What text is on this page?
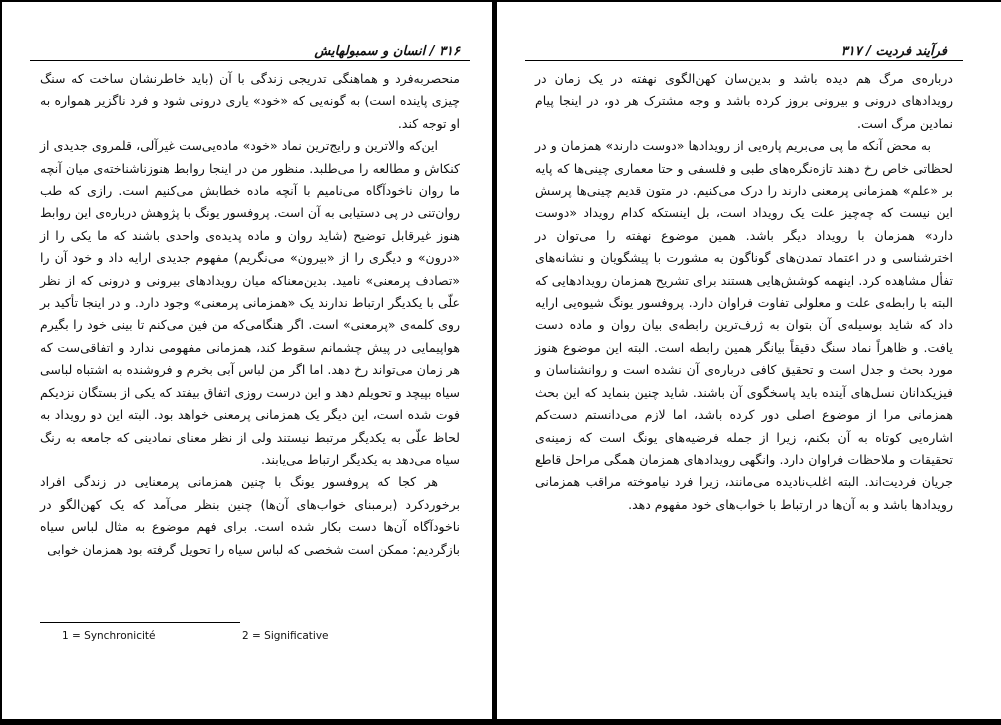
۳۱۶ / انسان و سمبولهایش

منحصربه‌فرد و هماهنگی تدریجی زندگی با آن (باید خاطرنشان ساخت که سنگ چیزی پاینده است) به گونه‌یی که «خود» یاری درونی شود و فرد ناگزیر همواره به او توجه کند.

این‌که والاترین و رایج‌ترین نماد «خود» ماده‌یی‌ست غیرآلی، قلمروی جدیدی از کنکاش و مطالعه را می‌طلبد. منظور من در اینجا روابط هنوزناشناخته‌ی میان آنچه ما روان ناخودآگاه می‌نامیم با آنچه ماده خطابش می‌کنیم است. رازی که طب روان‌تنی در پی دستیابی به آن است. پروفسور یونگ با پژوهش درباره‌ی این روابط هنوز غیرقابل توضیح (شاید روان و ماده پدیده‌ی واحدی باشند که ما یکی را از «درون» و دیگری را از «بیرون» می‌نگریم) مفهوم جدیدی ارایه داد و خود آن را «تصادف پرمعنی» نامید. بدین‌معناکه میان رویدادهای بیرونی و درونی که از نظر علّی با یکدیگر ارتباط ندارند یک «همزمانی پرمعنی» وجود دارد. و در اینجا تأکید بر روی کلمه‌ی «پرمعنی» است. اگر هنگامی‌که من فین می‌کنم تا بینی خود را بگیرم هواپیمایی در پیش چشمانم سقوط کند، همزمانی مفهومی ندارد و اتفاقی‌ست که هر زمان می‌تواند رخ دهد. اما اگر من لباس آبی بخرم و فروشنده به اشتباه لباسی سیاه بپیچد و تحویلم دهد و این درست روزی اتفاق بیفتد که یکی از بستگان نزدیکم فوت شده است، این دیگر یک همزمانی پرمعنی خواهد بود. البته این دو رویداد به لحاظ علّی به یکدیگر مرتبط نیستند ولی از نظر معنای نمادینی که جامعه به رنگ سیاه می‌دهد به یکدیگر ارتباط می‌یابند.

هر کجا که پروفسور یونگ با چنین همزمانی پرمعنایی در زندگی افراد برخوردکرد (برمبنای خواب‌های آن‌ها) چنین بنظر می‌آمد که یک کهن‌الگو در ناخودآگاه آن‌ها دست بکار شده است. برای فهم موضوع به مثال لباس سیاه بازگردیم: ممکن است شخصی که لباس سیاه را تحویل گرفته بود همزمان خوابی

1 = Synchronicité	2 = Significative
فرآیند فردیت / ۳۱۷

درباره‌ی مرگ هم دیده باشد و بدین‌سان کهن‌الگوی نهفته در یک زمان در رویدادهای درونی و بیرونی بروز کرده باشد و وجه مشترک هر دو، در اینجا پیام نمادین مرگ است.

به محض آنکه ما پی می‌بریم پاره‌یی از رویدادها «دوست دارند» همزمان و در لحظاتی خاص رخ دهند تازه‌نگره‌های طبی و فلسفی و حتا معماری چینی‌ها که پایه بر «علم» همزمانی پرمعنی دارند را درک می‌کنیم. در متون قدیم چینی‌ها پرسش این نیست که چه‌چیز علت یک رویداد است، بل اینستکه کدام رویداد «دوست دارد» همزمان با رویداد دیگر باشد. همین موضوع نهفته را می‌توان در اخترشناسی و در اعتماد تمدن‌های گوناگون به مشورت با پیشگویان و نشانه‌های تفأل مشاهده کرد. اینهمه کوشش‌هایی هستند برای تشریح همزمان رویدادهایی که البته با رابطه‌ی علت و معلولی تفاوت فراوان دارد. پروفسور یونگ شیوه‌یی ارایه داد که شاید بوسیله‌ی آن بتوان به ژرف‌ترین رابطه‌ی بیان روان و ماده دست یافت. و ظاهراً نماد سنگ دقیقاً بیانگر همین رابطه است. البته این موضوع هنوز مورد بحث و جدل است و تحقیق کافی درباره‌ی آن نشده است و روانشناسان و فیزیکدانان نسل‌های آینده باید پاسخگوی آن باشند. شاید چنین بنماید که این بحث همزمانی مرا از موضوع اصلی دور کرده باشد، اما لازم می‌دانستم دست‌کم اشاره‌یی کوتاه به آن بکنم، زیرا از جمله فرضیه‌های یونگ است که زمینه‌ی تحقیقات و ملاحظات فراوان دارد. وانگهی رویدادهای همزمان همگی مراحل قاطع جریان فردیت‌اند. البته اغلب‌نادیده می‌مانند، زیرا فرد نیاموخته مراقب همزمانی رویدادها باشد و به آن‌ها در ارتباط با خواب‌های خود مفهوم دهد.
